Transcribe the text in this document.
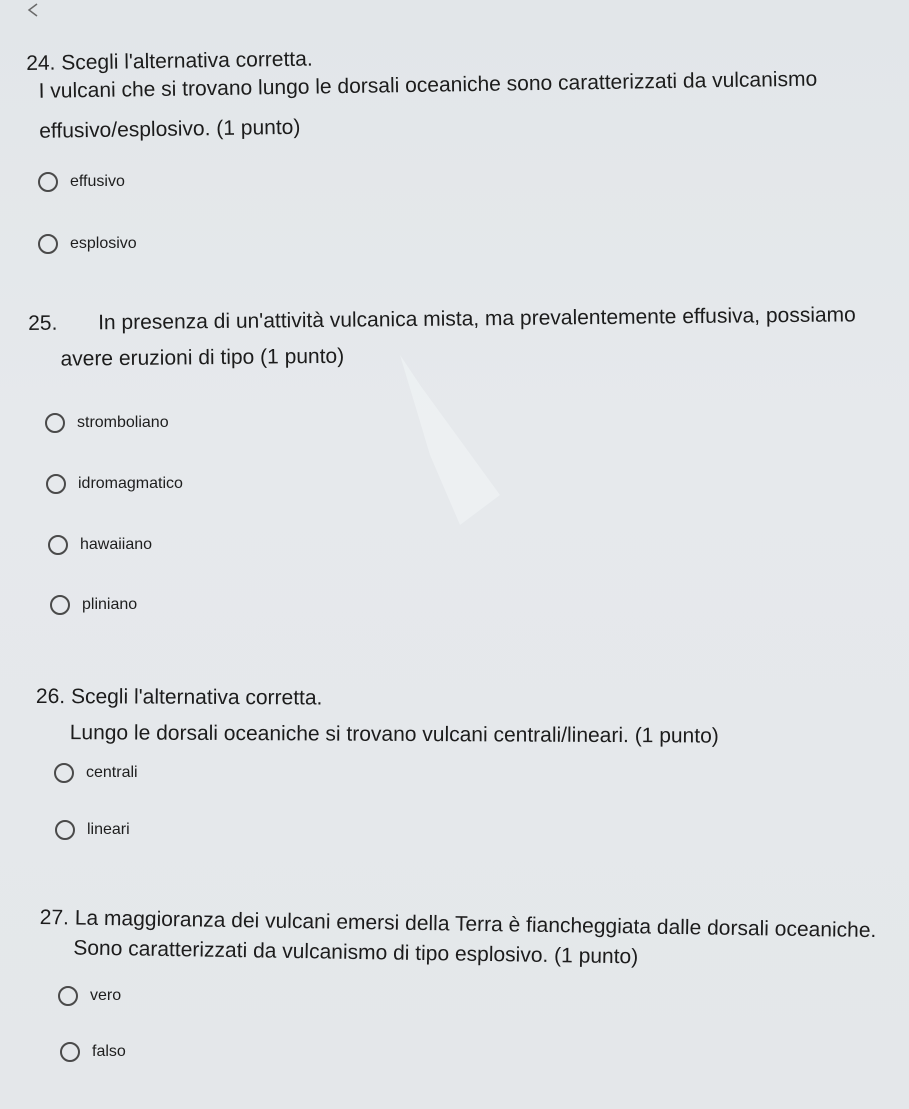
24. Scegli l'alternativa corretta.
I vulcani che si trovano lungo le dorsali oceaniche sono caratterizzati da vulcanismo
effusivo/esplosivo. (1 punto)
effusivo
esplosivo
25. In presenza di un'attività vulcanica mista, ma prevalentemente effusiva, possiamo
avere eruzioni di tipo (1 punto)
stromboliano
idromagmatico
hawaiiano
pliniano
26. Scegli l'alternativa corretta.
Lungo le dorsali oceaniche si trovano vulcani centrali/lineari. (1 punto)
centrali
lineari
27. La maggioranza dei vulcani emersi della Terra è fiancheggiata dalle dorsali oceaniche.
Sono caratterizzati da vulcanismo di tipo esplosivo. (1 punto)
vero
falso
